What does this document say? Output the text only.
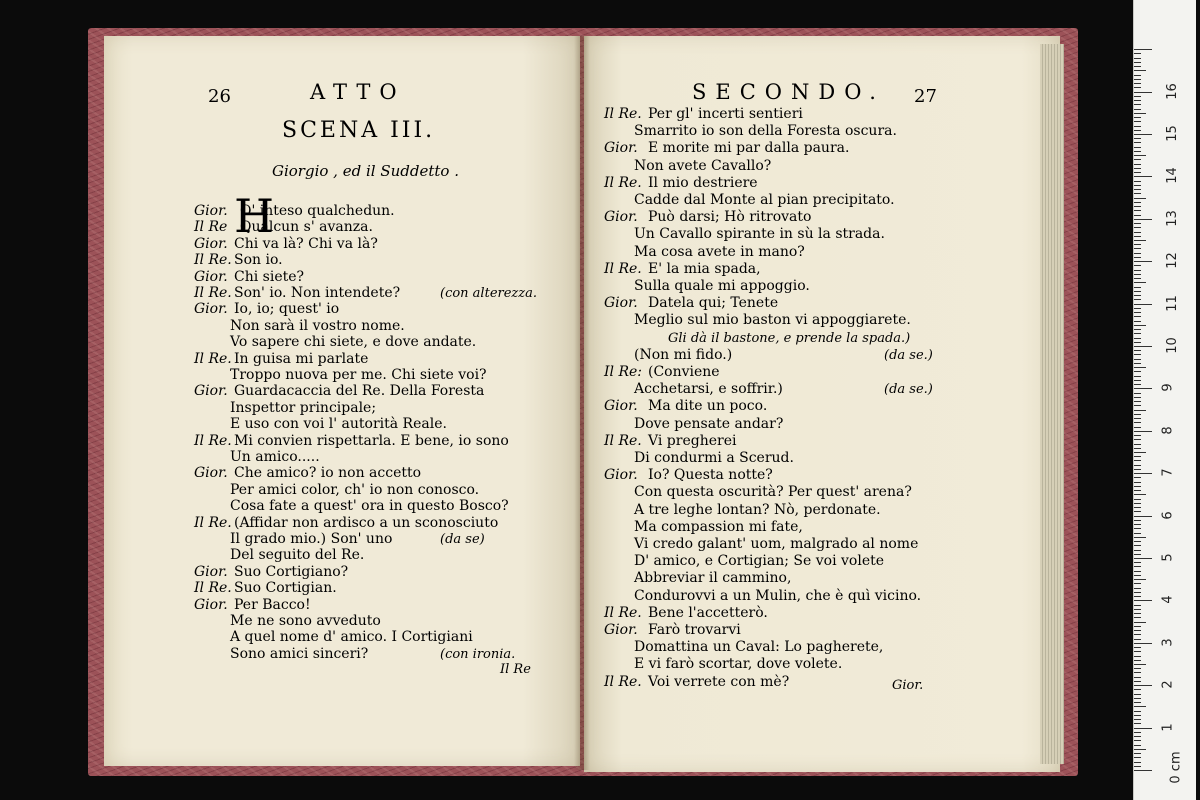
26	ATTO
SCENA III.
Giorgio , ed il Suddetto .
H
Gior. O' inteso qualchedun.
Il Re Qualcun s' avanza.
Gior. Chi va là? Chi va là?
Il Re. Son io.
Gior. Chi siete?
Il Re. Son' io. Non intendete?	(con alterezza.
Gior. Io, io; quest' io
Non sarà il vostro nome.
Vo sapere chi siete, e dove andate.
Il Re. In guisa mi parlate
Troppo nuova per me. Chi siete voi?
Gior. Guardacaccia del Re. Della Foresta
Inspettor principale;
E uso con voi l' autorità Reale.
Il Re. Mi convien rispettarla. E bene, io sono
Un amico.....
Gior. Che amico? io non accetto
Per amici color, ch' io non conosco.
Cosa fate a quest' ora in questo Bosco?
Il Re. (Affidar non ardisco a un sconosciuto
Il grado mio.) Son' uno	(da se)
Del seguito del Re.
Gior. Suo Cortigiano?
Il Re. Suo Cortigian.
Gior. Per Bacco!
Me ne sono avveduto
A quel nome d' amico. I Cortigiani
Sono amici sinceri?	(con ironia.
Il Re
SECONDO. 27
Il Re. Per gl' incerti sentieri
Smarrito io son della Foresta oscura.
Gior. E morite mi par dalla paura.
Non avete Cavallo?
Il Re. Il mio destriere
Cadde dal Monte al pian precipitato.
Gior. Può darsi; Hò ritrovato
Un Cavallo spirante in sù la strada.
Ma cosa avete in mano?
Il Re. E' la mia spada,
Sulla quale mi appoggio.
Gior. Datela qui; Tenete
Meglio sul mio baston vi appoggiarete.
Gli dà il bastone, e prende la spada.)
(Non mi fido.)	(da se.)
Il Re: (Conviene
Acchetarsi, e soffrir.)	(da se.)
Gior. Ma dite un poco.
Dove pensate andar?
Il Re. Vi pregherei
Di condurmi a Scerud.
Gior. Io? Questa notte?
Con questa oscurità? Per quest' arena?
A tre leghe lontan? Nò, perdonate.
Ma compassion mi fate,
Vi credo galant' uom, malgrado al nome
D' amico, e Cortigian; Se voi volete
Abbreviar il cammino,
Condurovvi a un Mulin, che è quì vicino.
Il Re. Bene l'accetterò.
Gior. Farò trovarvi
Domattina un Caval: Lo pagherete,
E vi farò scortar, dove volete.
Il Re. Voi verrete con mè?	Gior.
1
2
3
4
5
6
7
8
9
10
11
12
13
14
15
16
0 cm
